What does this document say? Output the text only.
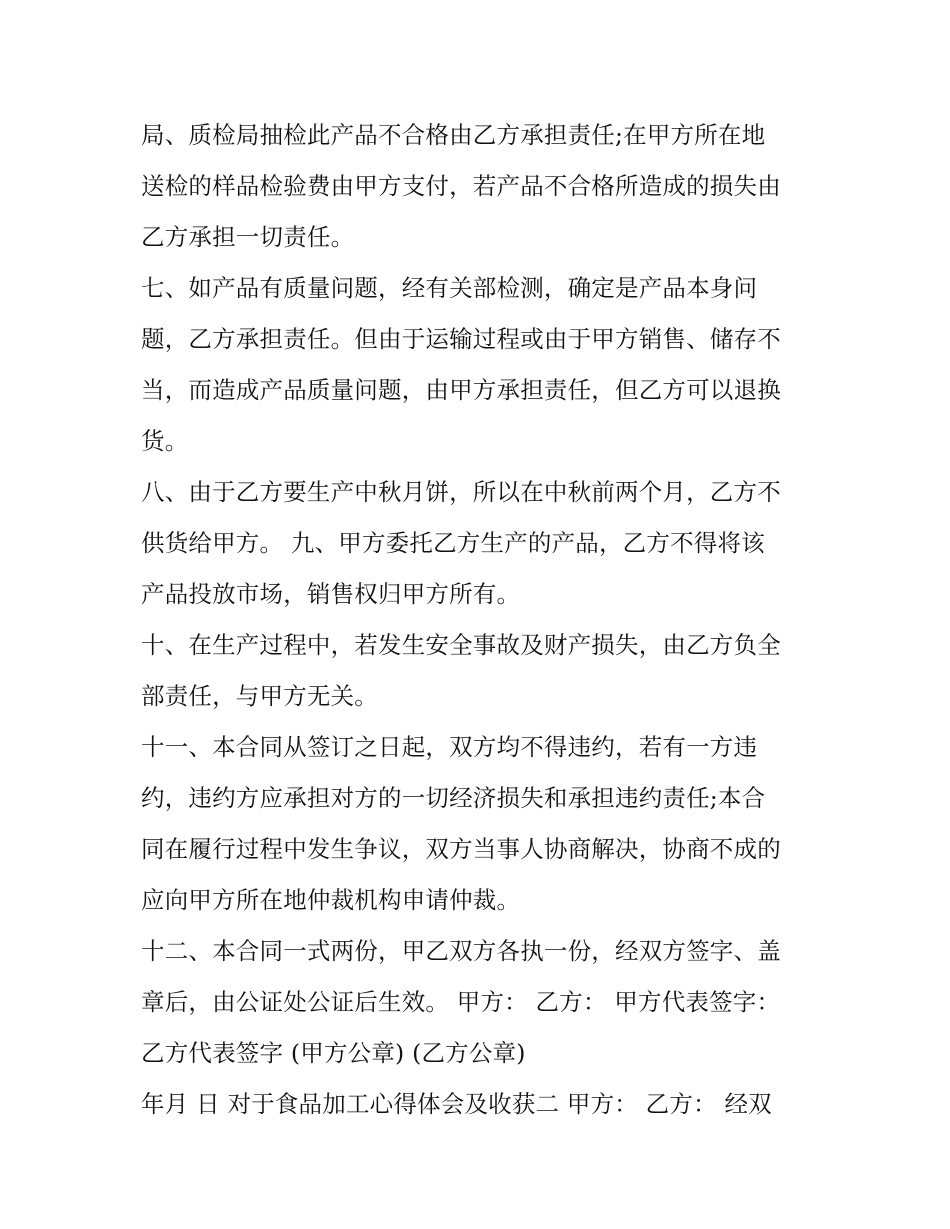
局、质检局抽检此产品不合格由乙方承担责任;在甲方所在地
送检的样品检验费由甲方支付，若产品不合格所造成的损失由
乙方承担一切责任。
七、如产品有质量问题，经有关部检测，确定是产品本身问
题，乙方承担责任。但由于运输过程或由于甲方销售、储存不
当，而造成产品质量问题，由甲方承担责任，但乙方可以退换
货。
八、由于乙方要生产中秋月饼，所以在中秋前两个月，乙方不
供货给甲方。 九、甲方委托乙方生产的产品，乙方不得将该
产品投放市场，销售权归甲方所有。
十、在生产过程中，若发生安全事故及财产损失，由乙方负全
部责任，与甲方无关。
十一、本合同从签订之日起，双方均不得违约，若有一方违
约，违约方应承担对方的一切经济损失和承担违约责任;本合
同在履行过程中发生争议，双方当事人协商解决，协商不成的
应向甲方所在地仲裁机构申请仲裁。
十二、本合同一式两份，甲乙双方各执一份，经双方签字、盖
章后，由公证处公证后生效。 甲方： 乙方： 甲方代表签字：
乙方代表签字 (甲方公章) (乙方公章)
年月 日 对于食品加工心得体会及收获二 甲方： 乙方： 经双
